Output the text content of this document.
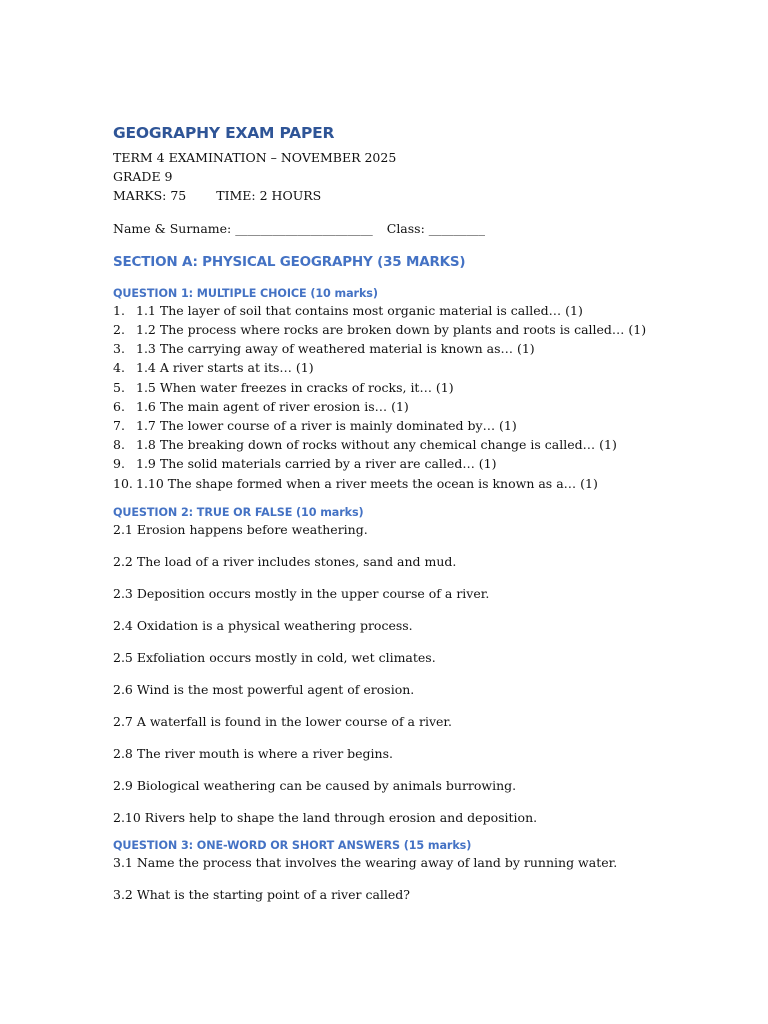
GEOGRAPHY EXAM PAPER

TERM 4 EXAMINATION – NOVEMBER 2025

GRADE 9

MARKS: 75 TIME: 2 HOURS

Name & Surname: ______________________ Class: _________

SECTION A: PHYSICAL GEOGRAPHY (35 MARKS)
QUESTION 1: MULTIPLE CHOICE (10 marks)
1. 1.1 The layer of soil that contains most organic material is called… (1)
2. 1.2 The process where rocks are broken down by plants and roots is called… (1)
3. 1.3 The carrying away of weathered material is known as… (1)
4. 1.4 A river starts at its… (1)
5. 1.5 When water freezes in cracks of rocks, it… (1)
6. 1.6 The main agent of river erosion is… (1)
7. 1.7 The lower course of a river is mainly dominated by… (1)
8. 1.8 The breaking down of rocks without any chemical change is called… (1)
9. 1.9 The solid materials carried by a river are called… (1)
10. 1.10 The shape formed when a river meets the ocean is known as a… (1)
QUESTION 2: TRUE OR FALSE (10 marks)

2.1 Erosion happens before weathering.

2.2 The load of a river includes stones, sand and mud.

2.3 Deposition occurs mostly in the upper course of a river.

2.4 Oxidation is a physical weathering process.

2.5 Exfoliation occurs mostly in cold, wet climates.

2.6 Wind is the most powerful agent of erosion.

2.7 A waterfall is found in the lower course of a river.

2.8 The river mouth is where a river begins.

2.9 Biological weathering can be caused by animals burrowing.

2.10 Rivers help to shape the land through erosion and deposition.

QUESTION 3: ONE-WORD OR SHORT ANSWERS (15 marks)

3.1 Name the process that involves the wearing away of land by running water.

3.2 What is the starting point of a river called?
